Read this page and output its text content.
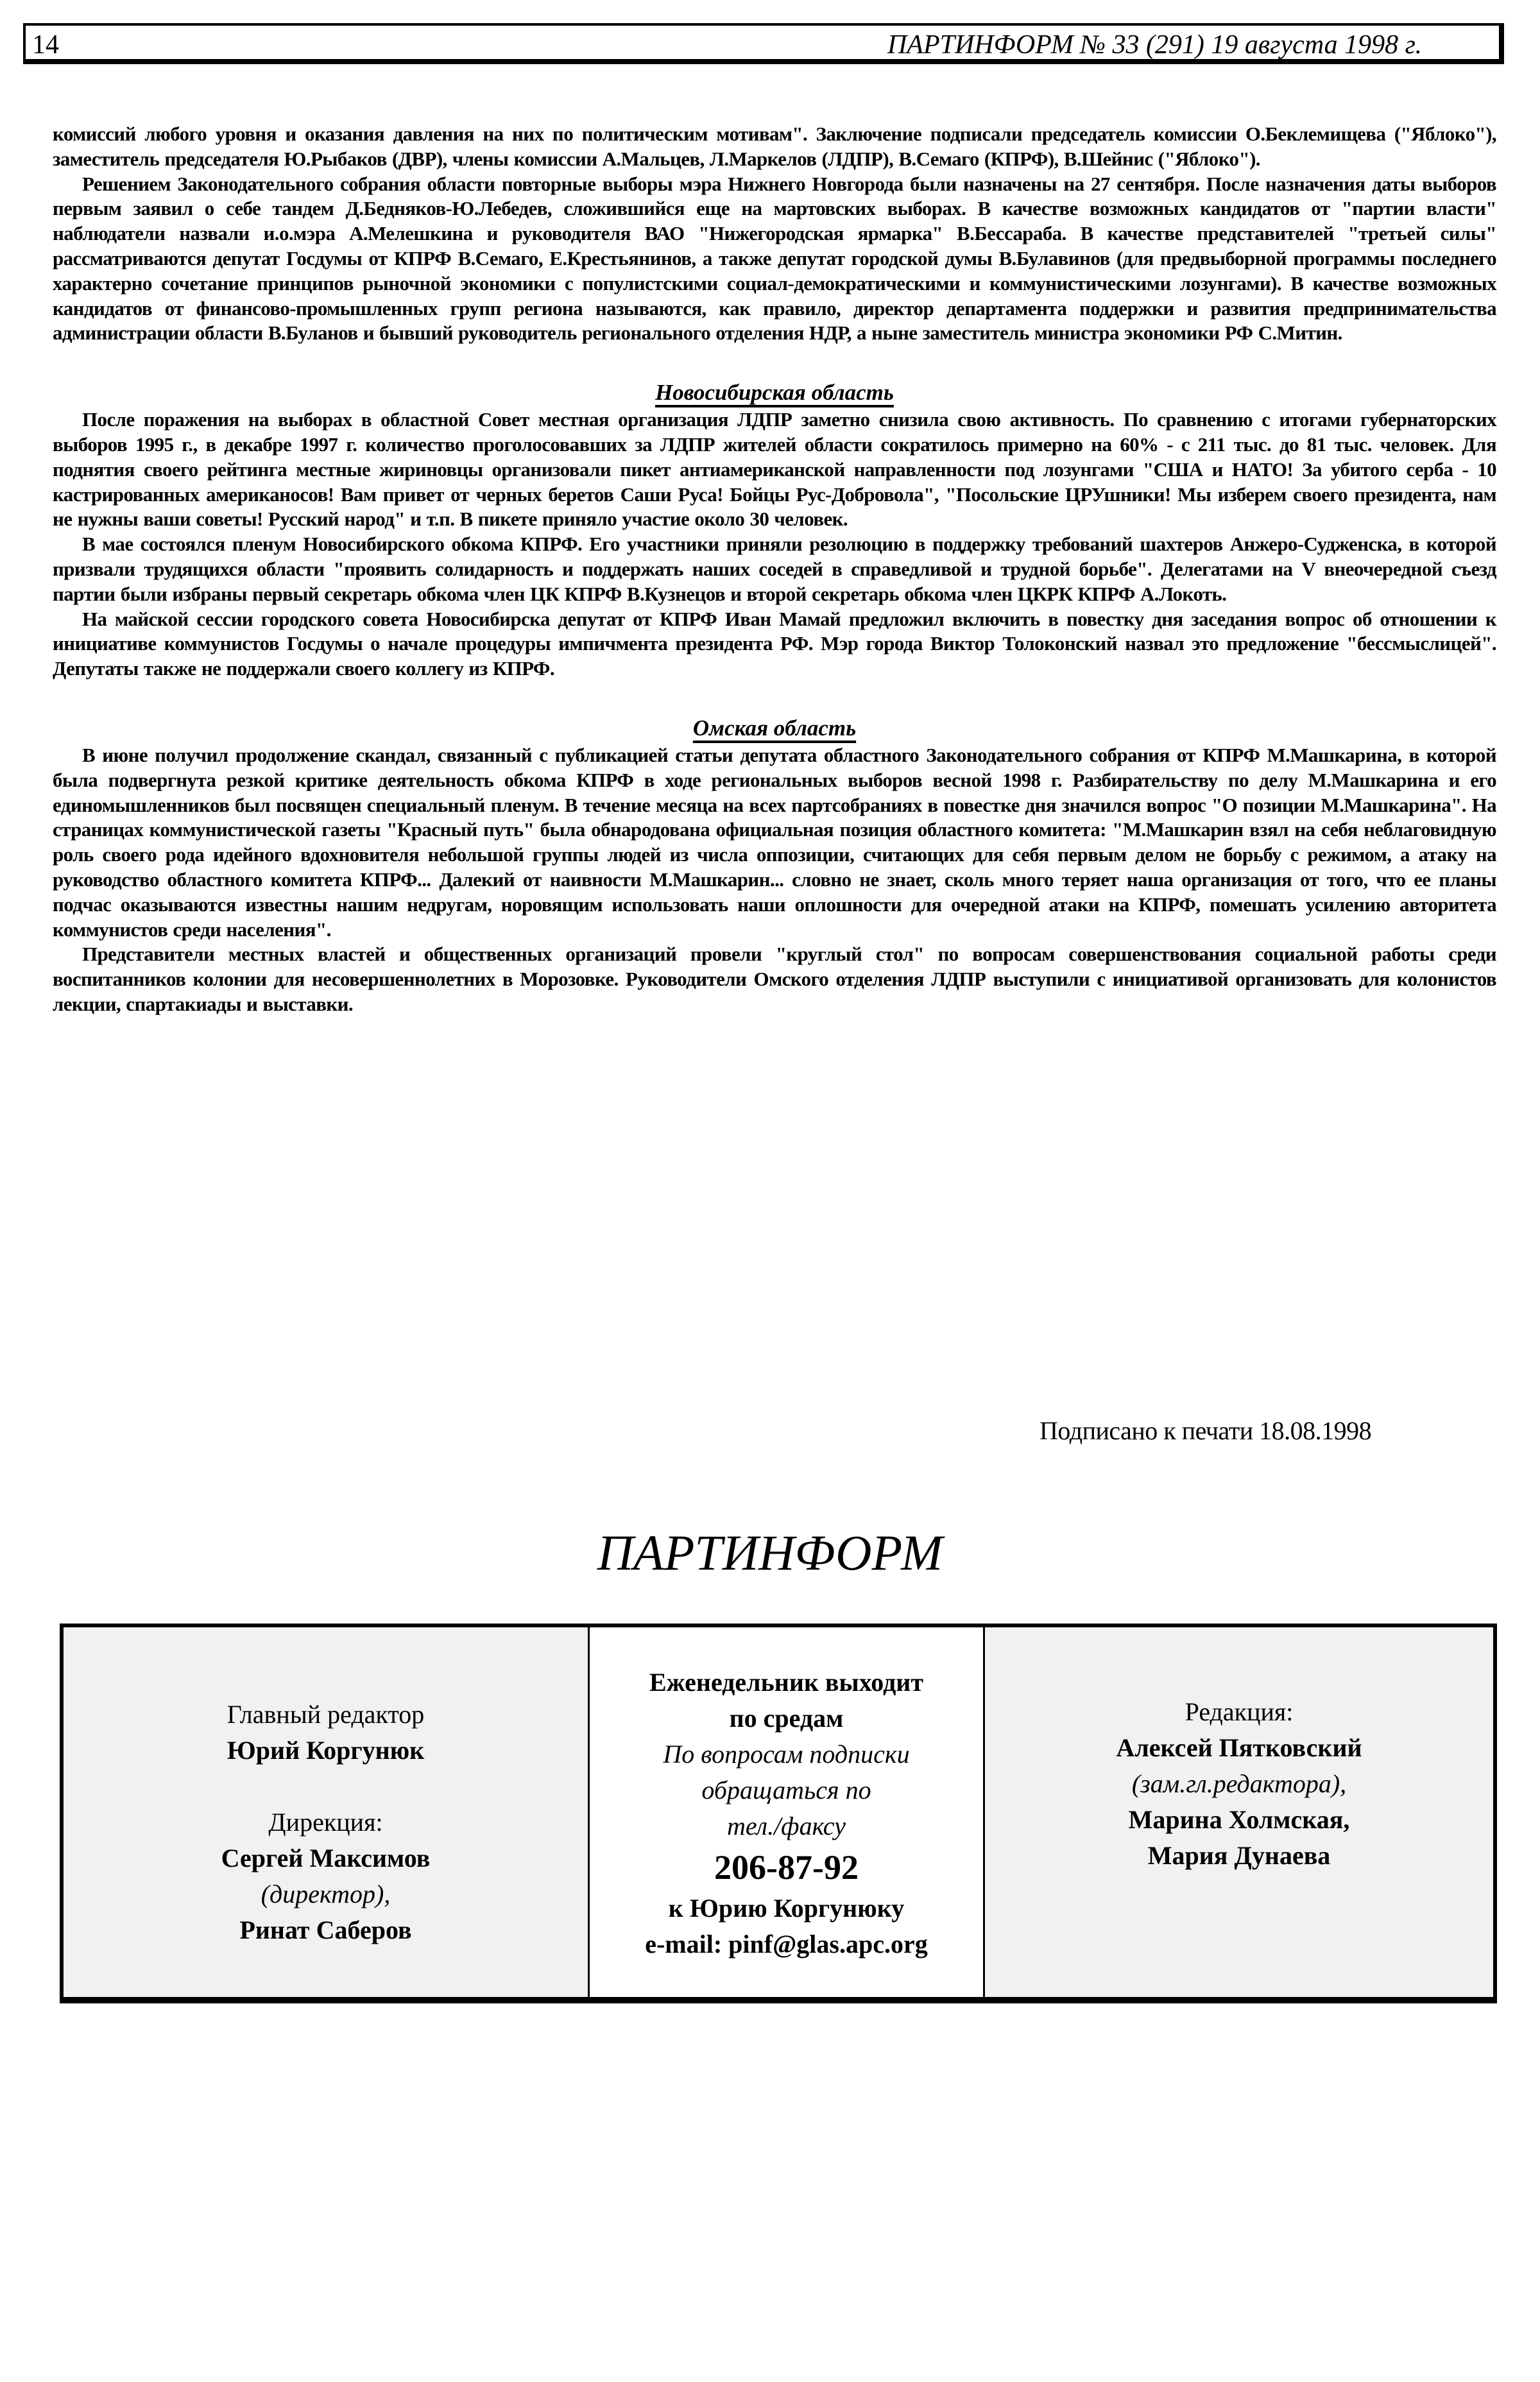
14	ПАРТИНФОРМ № 33 (291) 19 августа 1998 г.

комиссий любого уровня и оказания давления на них по политическим мотивам". Заключение подписали председатель комиссии О.Беклемищева ("Яблоко"), заместитель председателя Ю.Рыбаков (ДВР), члены комиссии А.Мальцев, Л.Маркелов (ЛДПР), В.Семаго (КПРФ), В.Шейнис ("Яблоко").

Решением Законодательного собрания области повторные выборы мэра Нижнего Новгорода были назначены на 27 сентября. После назначения даты выборов первым заявил о себе тандем Д.Бедняков-Ю.Лебедев, сложившийся еще на мартовских выборах. В качестве возможных кандидатов от "партии власти" наблюдатели назвали и.о.мэра А.Мелешкина и руководителя ВАО "Нижегородская ярмарка" В.Бессараба. В качестве представителей "третьей силы" рассматриваются депутат Госдумы от КПРФ В.Семаго, Е.Крестьянинов, а также депутат городской думы В.Булавинов (для предвыборной программы последнего характерно сочетание принципов рыночной экономики с популистскими социал-демократическими и коммунистическими лозунгами). В качестве возможных кандидатов от финансово-промышленных групп региона называются, как правило, директор департамента поддержки и развития предпринимательства администрации области В.Буланов и бывший руководитель регионального отделения НДР, а ныне заместитель министра экономики РФ С.Митин.

Новосибирская область

После поражения на выборах в областной Совет местная организация ЛДПР заметно снизила свою активность. По сравнению с итогами губернаторских выборов 1995 г., в декабре 1997 г. количество проголосовавших за ЛДПР жителей области сократилось примерно на 60% - с 211 тыс. до 81 тыс. человек. Для поднятия своего рейтинга местные жириновцы организовали пикет антиамериканской направленности под лозунгами "США и НАТО! За убитого серба - 10 кастрированных американосов! Вам привет от черных беретов Саши Руса! Бойцы Рус-Добровола", "Посольские ЦРУшники! Мы изберем своего президента, нам не нужны ваши советы! Русский народ" и т.п. В пикете приняло участие около 30 человек.

В мае состоялся пленум Новосибирского обкома КПРФ. Его участники приняли резолюцию в поддержку требований шахтеров Анжеро-Судженска, в которой призвали трудящихся области "проявить солидарность и поддержать наших соседей в справедливой и трудной борьбе". Делегатами на V внеочередной съезд партии были избраны первый секретарь обкома член ЦК КПРФ В.Кузнецов и второй секретарь обкома член ЦКРК КПРФ А.Локоть.

На майской сессии городского совета Новосибирска депутат от КПРФ Иван Мамай предложил включить в повестку дня заседания вопрос об отношении к инициативе коммунистов Госдумы о начале процедуры импичмента президента РФ. Мэр города Виктор Толоконский назвал это предложение "бессмыслицей". Депутаты также не поддержали своего коллегу из КПРФ.

Омская область

В июне получил продолжение скандал, связанный с публикацией статьи депутата областного Законодательного собрания от КПРФ М.Машкарина, в которой была подвергнута резкой критике деятельность обкома КПРФ в ходе региональных выборов весной 1998 г. Разбирательству по делу М.Машкарина и его единомышленников был посвящен специальный пленум. В течение месяца на всех партсобраниях в повестке дня значился вопрос "О позиции М.Машкарина". На страницах коммунистической газеты "Красный путь" была обнародована официальная позиция областного комитета: "М.Машкарин взял на себя неблаговидную роль своего рода идейного вдохновителя небольшой группы людей из числа оппозиции, считающих для себя первым делом не борьбу с режимом, а атаку на руководство областного комитета КПРФ... Далекий от наивности М.Машкарин... словно не знает, сколь много теряет наша организация от того, что ее планы подчас оказываются известны нашим недругам, норовящим использовать наши оплошности для очередной атаки на КПРФ, помешать усилению авторитета коммунистов среди населения".

Представители местных властей и общественных организаций провели "круглый стол" по вопросам совершенствования социальной работы среди воспитанников колонии для несовершеннолетних в Морозовке. Руководители Омского отделения ЛДПР выступили с инициативой организовать для колонистов лекции, спартакиады и выставки.

Подписано к печати 18.08.1998
ПАРТИНФОРМ
Главный редактор
Юрий Коргунюк
Дирекция:
Сергей Максимов
(директор),
Ринат Саберов
Еженедельник выходит
по средам
По вопросам подписки
обращаться по
тел./факсу
206-87-92
к Юрию Коргунюку
e-mail: pinf@glas.apc.org
Редакция:
Алексей Пятковский
(зам.гл.редактора),
Марина Холмская,
Мария Дунаева
